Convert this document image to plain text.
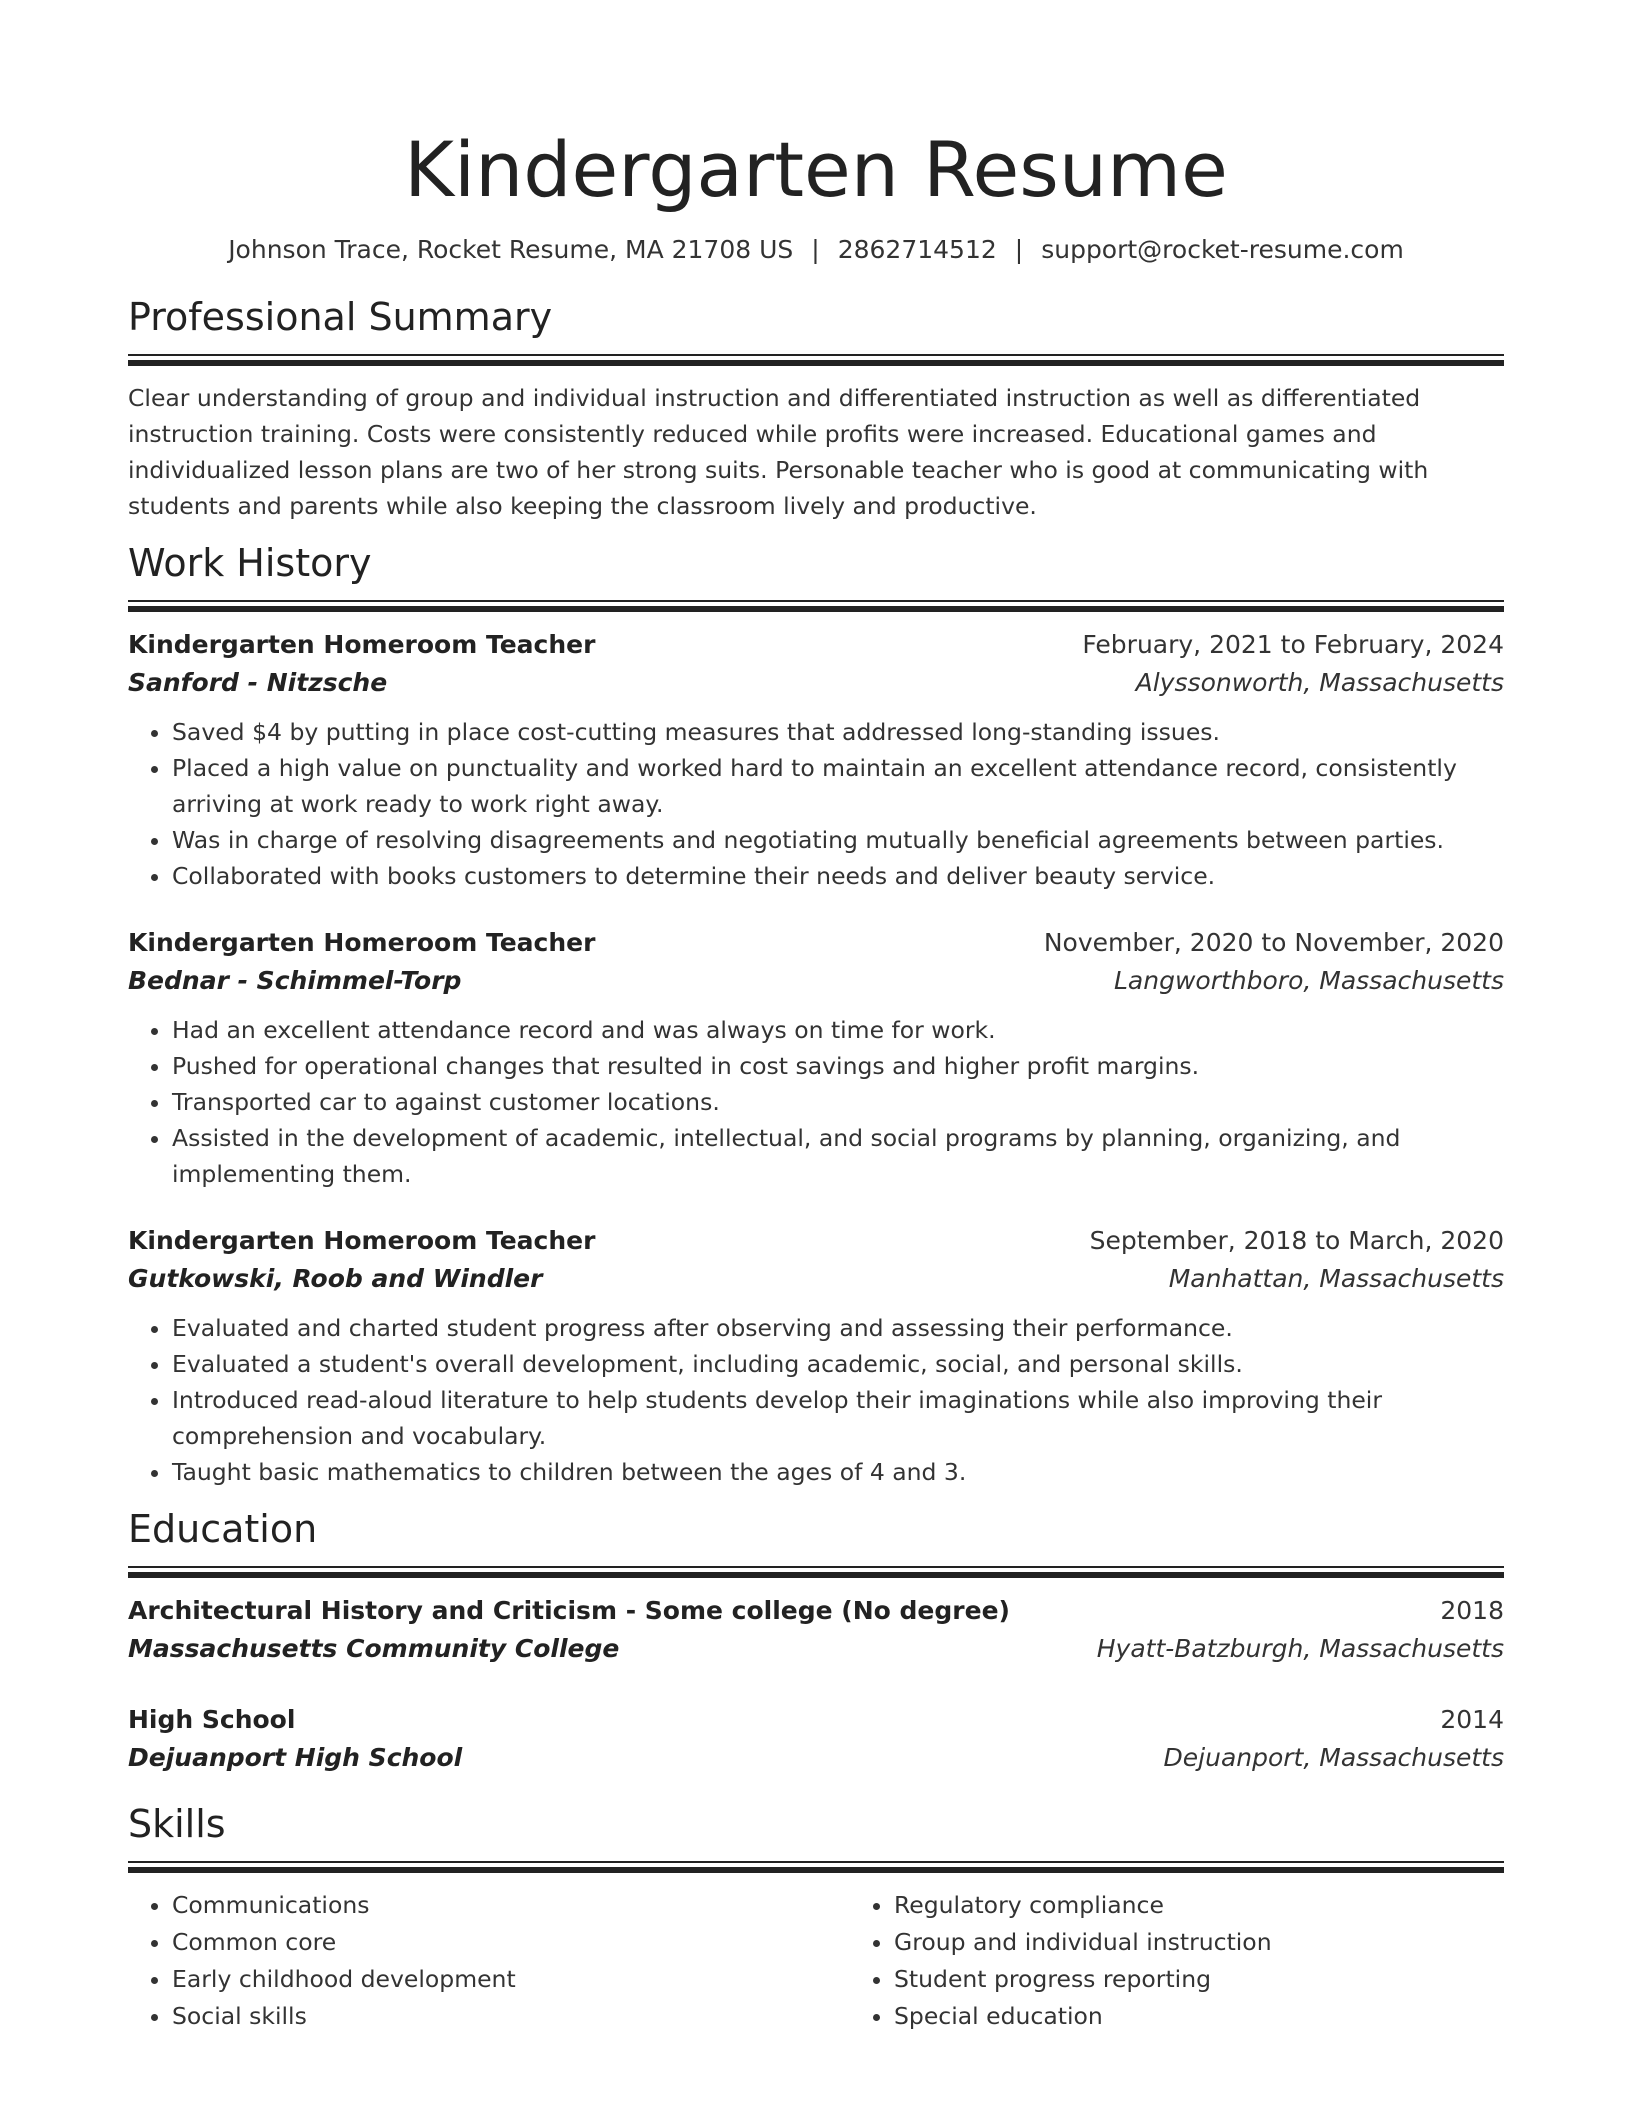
Kindergarten Resume
Johnson Trace, Rocket Resume, MA 21708 US | 2862714512 | support@rocket-resume.com
Professional Summary
Clear understanding of group and individual instruction and differentiated instruction as well as differentiated instruction training. Costs were consistently reduced while profits were increased. Educational games and individualized lesson plans are two of her strong suits. Personable teacher who is good at communicating with students and parents while also keeping the classroom lively and productive.
Work History
Kindergarten Homeroom Teacher	February, 2021 to February, 2024
Sanford - Nitzsche	Alyssonworth, Massachusetts
• Saved $4 by putting in place cost-cutting measures that addressed long-standing issues.
• Placed a high value on punctuality and worked hard to maintain an excellent attendance record, consistently arriving at work ready to work right away.
• Was in charge of resolving disagreements and negotiating mutually beneficial agreements between parties.
• Collaborated with books customers to determine their needs and deliver beauty service.
Kindergarten Homeroom Teacher	November, 2020 to November, 2020
Bednar - Schimmel-Torp	Langworthboro, Massachusetts
• Had an excellent attendance record and was always on time for work.
• Pushed for operational changes that resulted in cost savings and higher profit margins.
• Transported car to against customer locations.
• Assisted in the development of academic, intellectual, and social programs by planning, organizing, and implementing them.
Kindergarten Homeroom Teacher	September, 2018 to March, 2020
Gutkowski, Roob and Windler	Manhattan, Massachusetts
• Evaluated and charted student progress after observing and assessing their performance.
• Evaluated a student's overall development, including academic, social, and personal skills.
• Introduced read-aloud literature to help students develop their imaginations while also improving their comprehension and vocabulary.
• Taught basic mathematics to children between the ages of 4 and 3.
Education
Architectural History and Criticism - Some college (No degree)	2018
Massachusetts Community College	Hyatt-Batzburgh, Massachusetts
High School	2014
Dejuanport High School	Dejuanport, Massachusetts
Skills
• Communications
• Common core
• Early childhood development
• Social skills
• Regulatory compliance
• Group and individual instruction
• Student progress reporting
• Special education
